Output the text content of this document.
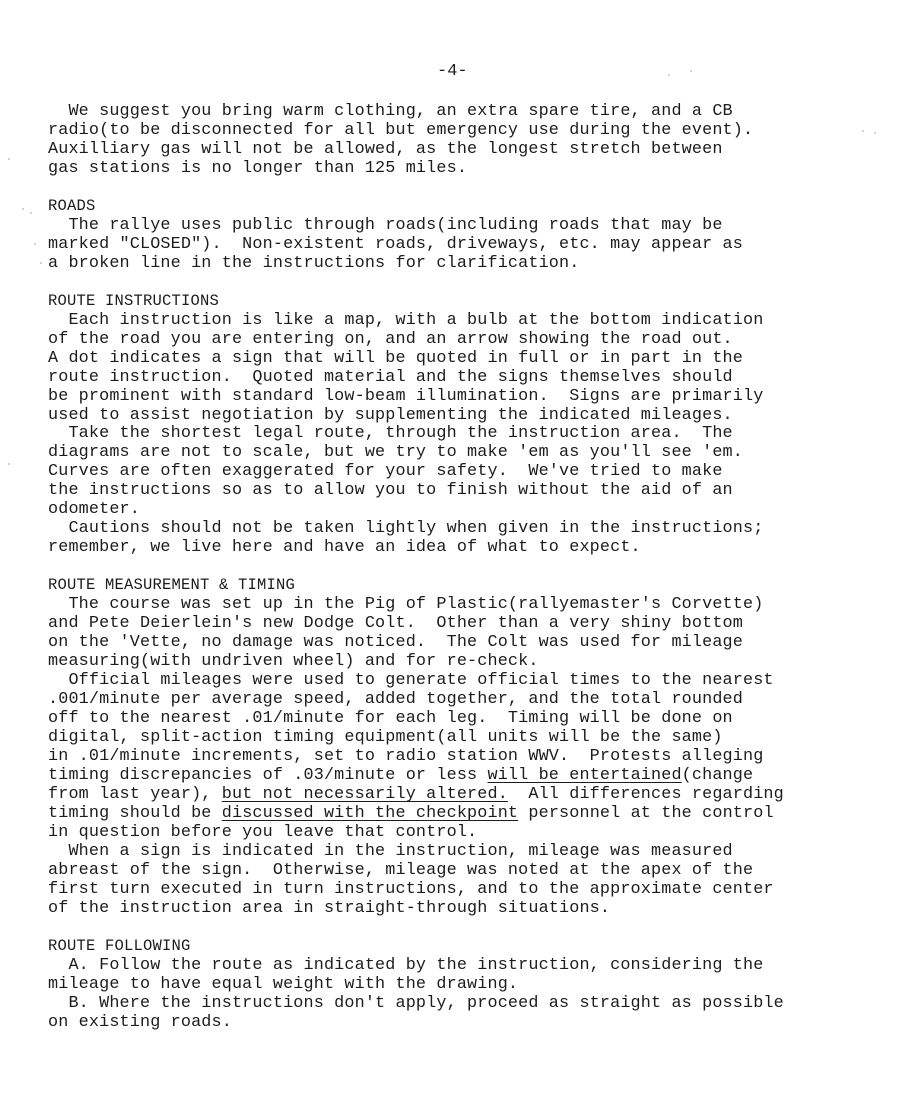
-4-
We suggest you bring warm clothing, an extra spare tire, and a CB
radio(to be disconnected for all but emergency use during the event).
Auxilliary gas will not be allowed, as the longest stretch between
gas stations is no longer than 125 miles.
ROADS
The rallye uses public through roads(including roads that may be
marked "CLOSED").  Non-existent roads, driveways, etc. may appear as
a broken line in the instructions for clarification.
ROUTE INSTRUCTIONS
Each instruction is like a map, with a bulb at the bottom indication
of the road you are entering on, and an arrow showing the road out.
A dot indicates a sign that will be quoted in full or in part in the
route instruction.  Quoted material and the signs themselves should
be prominent with standard low-beam illumination.  Signs are primarily
used to assist negotiation by supplementing the indicated mileages.
Take the shortest legal route, through the instruction area.  The
diagrams are not to scale, but we try to make 'em as you'll see 'em.
Curves are often exaggerated for your safety.  We've tried to make
the instructions so as to allow you to finish without the aid of an
odometer.
Cautions should not be taken lightly when given in the instructions;
remember, we live here and have an idea of what to expect.
ROUTE MEASUREMENT & TIMING
The course was set up in the Pig of Plastic(rallyemaster's Corvette)
and Pete Deierlein's new Dodge Colt.  Other than a very shiny bottom
on the 'Vette, no damage was noticed.  The Colt was used for mileage
measuring(with undriven wheel) and for re-check.
Official mileages were used to generate official times to the nearest
.001/minute per average speed, added together, and the total rounded
off to the nearest .01/minute for each leg.  Timing will be done on
digital, split-action timing equipment(all units will be the same)
in .01/minute increments, set to radio station WWV.  Protests alleging
timing discrepancies of .03/minute or less will be entertained(change
from last year), but not necessarily altered.  All differences regarding
timing should be discussed with the checkpoint personnel at the control
in question before you leave that control.
When a sign is indicated in the instruction, mileage was measured
abreast of the sign.  Otherwise, mileage was noted at the apex of the
first turn executed in turn instructions, and to the approximate center
of the instruction area in straight-through situations.
ROUTE FOLLOWING
A. Follow the route as indicated by the instruction, considering the
mileage to have equal weight with the drawing.
B. Where the instructions don't apply, proceed as straight as possible
on existing roads.
